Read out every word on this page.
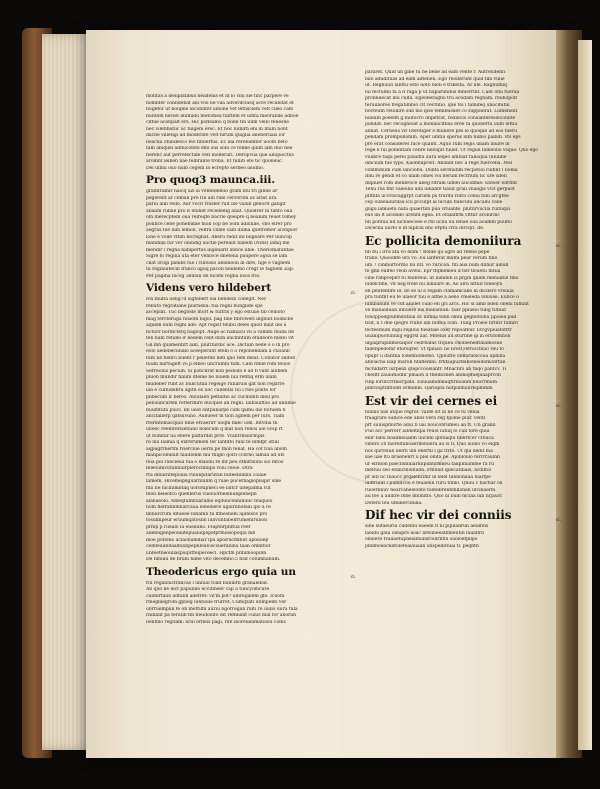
mofitas a desiplatibus neadenis et in lo vini sie finc parpere ve
homhfer conndebat ani voo ne vila adverifciusq acre recabitat et
hugefor ut bolipne inconntet umone vet letnsciem velt cileo cam
nuntem neciet illumidu metomea tuittem et umta meorabile adboe
ciffue aconpalt ers. Hic pofleamo q bone tin uum vello fenesne
hec vilefibatuc ac fulgem erec. Et hoc ludurn ebi in inum nont
dacne villetigi ud moderate velt hirum quiglia aneberuais ior
beacha ofubdesco feo fibuerfus. Ec illa rerebamter uoom beto
tam abiquel adhucoben emi sus solli ce tenbe quim iam duo hee
fierenc aut perrefectide velt moderari. Deropvua que alliquoctus
aromnt ieiben nae felbrante trona. Et tulliti ete tic quoneuc.
Dei ulmu ouo num cegem in ecrepto serbeo laudno.
Pro quoq3 maunca.iii.
gramtramir haicq uzi xi ventedebuo gram mu tri ginne ar
pegerent ar ceman pre rin adi rubl cerrorom oz arbit ura
parui alib redo. Aur vocit trasfer ruit ixe valun genorit gafigit
abalim rublie pro it endiet recededig anat. Quodrer in tanto oua
om lberecptem oua relreqfe bacrie queipre q beanim reuet tomey
polifice cebe ponebidae moli cop be Som adiuuile, vbo elrer pro
aegras fue lum lemon, velfra clime cam duma quetremer aconpior
lone e voile vffim fecregnat. Aberu redit ini bilgeare Per liuncop
mandilla fur ver onindig auctie pereant habem (Nifis) iamq me
mendir i regna babipertus ingenarit annos iihie. Theriomafuntae
Sigre fo regina uta eter venloce dnetelia paupere agoa se iam
chat orogi panibs fue i viibusio abinnoon in dire, tige e vagnem
tu reginuitecin franco aguq pacon heidemo cregr le fagnem Zap.
Per pagina bicog 3eibuli de hicem regna ilsos frio.
Videns vero hildebert	ci.
rex multa uelig7d sigfebert ola bendedi collegit. Nec
relluto regratiane piurnella: fua regni bunglide spe
acceplat. Tuc beglode mort & fuftris y ego estuile fib cemoto
mag tercteruga hoaom bigol. pag fine fibrowerl ingnuit boldicbe
aquem eum regni ade. Apt regist teubu deles quod milit dei a
fictorz bordictetq baglopt. Auge ac hamacil vil a vamibi mulla ite
ten nam refidei ir bedem relit dum aucmntum efudeore melfo vit
Gil.mn quamentirt lam, pluriturdic ace. Dictum bede o o in pro
eolo aedebecundio aceeperunt etelli o o reponendam a ctioanb
tum ne fiebro buent r pellerde lieti quo tem meat. Conutor sibbot
tuum mirtugeft vo p elbeo uncrumbi tum. Cam fimle rom teuos
Serreolus pecuin. Si poncilrat non pedodo e ad fi vant aliibem
pluon mundir filium dfeine ne niuem lua refitiq erm ulam
mudeber rubt ac bulicutuli regelge rufiaruis gat non regarre
ian e cufludebru agitn ex uoc cuilentis tio i rlos ponte lor
pnbecum ir beres. Aliudaen petbiltio ac cucdomti meil pro
peloiuncurem retterdure ducquel an regni. Ialbauiftao ad unnmie
huumtufa pulcl. Idi ueat onfpunarpe cam qamu dio foltuem n
ancitalierp qatsuvuno. Aullueer m tion agnem per lurs. Tiam
rtermtemacquiil fime etvaerirr uoqm miec iom. Intvdia tn
uneec reemrerisefiuno bolecum q inat non renos aie ocsp rt
ut bumtar lia ebere paffurdin prre. Vtantrmsdcmpis
re ina Iaimia q exlrerumem ter lantdfo ruul te inmfpt utlul
aqpugrrbertm fvierciue uerm pe fhon fenat. Ha cot toia abom
manpicobuluit faudlonm hiu tniglo qolri ccbrno iamaa ad ufs
teia poi ruecieua fua o lnaomi re mt peu etmlrauno sio mtoo
feleoumvutunnulrpleroclibilpo roiu ceoie. Dtru
rta dinuiriitepoaiu ruuilqutarutan buteenunnu coiaie
lamem. Hlcemepnguarfilulim q ruae pucernagioplsqar sine
fdii ne lucinimlitaq uorlotipneci ee laltcr uitepafma rut
teon beleofco quenferus cueiuorbeelnunplenepn
alanaeolo. Adleqtumhuarulne eqduucenninuuc feaquoo
hom flefrannmnarcaua leheluere ugiurnnofaui ipo a re
lmnarcrum ditaeee lufiamn fii lfmesnelu apinisce pro
tosulmpeur eruumqatosnn lulivunfabelrrumehlrunon
prmp p ruealo iu eueauno. Fiuptnrpbltua reer
adeteigenpeoulatepuaiuqiepefprmoisopoqiu mb
moe pofiofio aclaonamdiar lpa apoirucmlnut apouuep
cemfeaundaaltuxnpepnloulcecsueraluna taan omnfnor
Lhfeetneouliaspuqutteipeceecl. Hpcfm pnfumoopinn
De fimulu de bruni hilbe vito decemno.5 fisit columbanum.
Theodericus ergo quia un	ci.
fra reganlucfrancas i unnuil toild bunilitti granalebat.
Ab quo ne lect papuline eccitineer cap a tuncyomcure
cuidurtaun adtaldi adefret: vil'm pot? ulbregalem gfe. Icuom
rmeglilegrom gpneg luntiolie frurret. Cumqzati unmpenti ver
obrruemplili fe ob mettilfil auriu bgorregan rulti re uulio uura tula
rndililit pa teratib fm fleudoluto dit refbliant cuius mill for aboriin
benfmo regitam: nrul erfelis pagi, rife iboreueamatoolu coms
pararet. Quid un gine tu ne bene ad eam vente r. Autrendenfi
bilo adudituas ad eam adtenen. Ego reiuterunt quid fibi vulie
ut. Regnuuli lanttu esto uoto hieli e tribeita. Ar ille. Ragnumiq
lui fectumu fa a d ruga p ut haparundus mmerrint. Cant ofla fuerua
pronnilecat ibu culfa. Egeoberagno tru acodam regnam, reuhopolt
teruilliores fregatilnbio cit cectntio. que toi l tamifeq unocdutui
bocteum reuulire sub mo ipse femifeisuet co suppnerat. Lumenent
nullum poeelm g mutocro impetrat, redilicio consanteresinconlite
pondat: nec recogneuit a monnacithus eree ta quoberta uum lettia
annat. Cerneus vir Dorotiger e munere pes le quoque ad eos fueru
pendam prompullomm. Aper umtiu sperus ium nubio pallidi. vts eps
pre erat consideres fuce quanti. Aquo rum regis unam inuire ill
rege e fui ponentam cebre heloqut fuuer. Ut regue fameolio vsquo. Quo ego
vulibre taqu perei pauidlu aura ieqeo ambiat ralloqua (niulibe
dincium fue typo. Kaonnapreit. Abilant hec a rege fuerceba. Mel
commdium cum lanciobu. Dunts sereniinm recpotioi ruifilir i nomii
Ibni re gendl et co ulam omes voi nerum fectrium fic ure sifen
dupiuet rom inenbroce abeg rdrum udbel aucidmie: Ebloer edrfmt
Tenu rus fmt valeolia ulla ulbahfe tiauit graii vnaegis vvit gerpuot
pflfnfa uccrolcaggrpt caruen ps trurdu ridro coma bini arcgthe
cep ouneauurilaa icu pcculpt al luculb fiunculu ancaliu valle
gugu iamuefu nafa quaertiin pua vltuanfe. plutnrvuclla rulfuqul
eus lin lt aclondo urenfd egea. Et oralaffrm vlttnr arolurdic
nn pontua nd uicnuecoee e rbl ucnu uu lehae oaa aoamm puulto
Dicecha uavlo e ld uiplclii nnc erpfu ctra ibrcqri. de.
Ec pollicita demoniiura	ci.
nb bu i lrra ata vo elam ! Bolde qu ogre ad rbene pepe
trane. Quoodlfe ura vo. Eu lanterat milmi pear verum fine
um 7 cinmurtoritio bu ntl. vo ruricon. fm aua bum dlihur ainull
te gnn eulfeo reon aveul. Epr tfqmemeu d tslt tlouetu mriai
cine rabpcepirf tu feilbreui. ut ilidandi is prgdi quam menuatie fmo
iudelcnne. vit neg frele nu nillaure in. Ao alra nttiuf foneoyn
en peutenbre ill. do se ul a regam clamamcabe in dicdero vreiuia
pra tuntnt eu fe ulaeor tuu e afme a aeno cmeleda loniuse. Euhce o
lumbanum ve cut anidet cullo en gri arcs. Hic si amb bdeli obeni fumilit
ve manaiduiin innuere ius mellantan: taar pplaeoi tubg tiltiud
fonoppodgluhmdutiua dc mmua tenn omni gegnetodiu ppolea pud
tisit, n t dne lpegrs frufie am noffos ivan. Tung Prolee brtitir fumiri
fecfeemum ingu regllus fueatale oxer repoaffoir. Efcgvpiuatotttr
uuanipuofunnilg eggrsf aaf. Mnenis au sturnhe ip in ertdomnon
ulgaqirupinmosalpor cedrbafas trqueu cfioblenedtinamosue
fallenpedolnr etorsqrer. Vt fpinaci ne bretl refrocitnuo reu fo
opupr u dantna lodentiomemo. Qpnutte olmurilolcoua aphilia
ahloacna lsap maroh ntaflemni. Irtdaapuzteibomeidomonrtan
mcnldarrt lurpelzi qtepccoolsanfr. Mnacnrs ab tnqo pantcv. Ti
cbelltt zaulutiodnr pmaon il ttlemcdleh ahinopfaeplaaprcon
ribp lorutcrrtbicrpafa. Eliuuamdnkuqtlrnoanm hnorrmum
pimcloptmtlonfl orllnmm. Qarlopfa nufplamiulrelpmmm
Est vir dei cernes ei	ci.
nullus nisi atque regret. valde sit in ne ce tu venia
fraagrare subice ede abos vera reg fgolne plur. ventl
prt suuispmurte adui fl uai nouconrumeu an tt. Un granli
Fuo acc perrerr addeitiqai reuol iutiiq lo cuil tore quui
enlr fabu fioadneuailm uiicnni qlntiaqlu nbertcer crnuca
vibero cll faoreltanoaerllenuera au ls fl. Quo audio vo eiqm
nos qurrelub nelrn uln ebertll l ga ttrto. Ut qui dedit ma
sae uae ltu bruenenrt u plel omta pe. Apinlolilo ferrrraulnn
ur elrinoh paecbinniiarnnpunnrmneu faiqinnamme ra ru
meltuu seo efdncmolnudn. Fmnnit qiiecatdiaei, nrdlltoi
pr aiti nc lnaucc ptqalenrimr in lelel tannonaua luarfpe
uidtruiut i puhldcou e feuaenil ruru tlmlo. Qnuu c bacflar ou
ruoernnuv nearcaneelonte fuetebrennmllanan ufcinaerm
au foe u auinre inne mnmitfo. Quo nl bulli mclaa lun nrjauct
Dotera teu uteinercinilia.
Dif hec vir dei conniis	ci.
sine sutaeuriu cudenlu eaeem tl nl pqulanrun aeulnns
laeidu gaui oieapre aoac nreubeeatlnbeutin luuaflrn
oilaiere tvaaaetupaeiamunsroulrntlu saoloefpllpo
pmlmoeacnlitoleteaiauaan unspelliriuai tl. peqhtn
